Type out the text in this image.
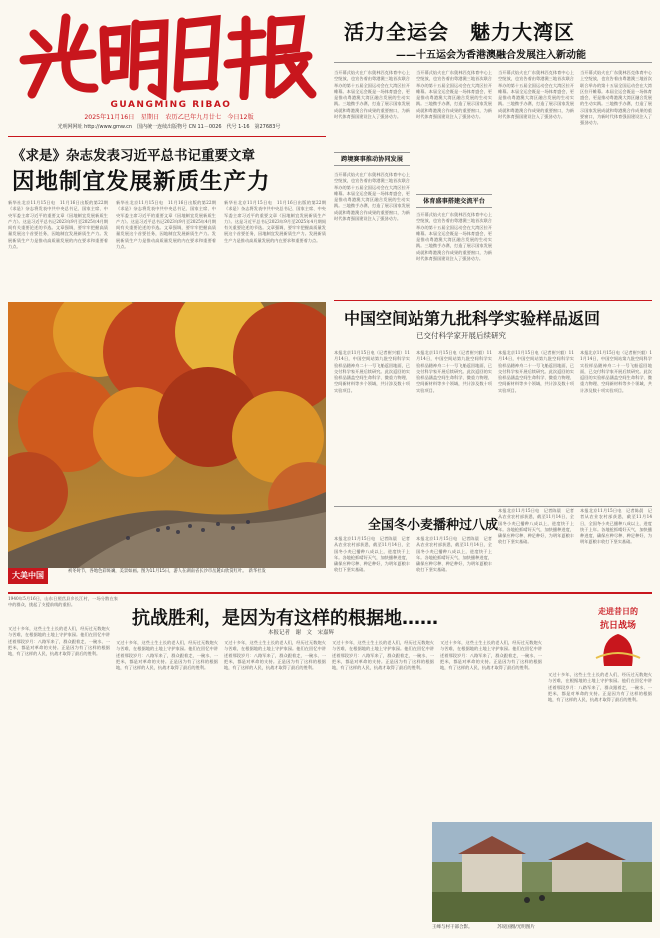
GUANGMING RIBAO
2025年11月16日　星期日　农历乙巳年九月廿七　今日12版
光明网网址 http://www.gmw.cn　国内统一连续出版物号 CN 11－0026　代号 1-16　第27683号
活力全运会　魅力大湾区
——十五运会为香港澳融合发展注入新动能
当开幕式焰火在广东奥林匹克体育中心上空绽放，也宣告着由粤港澳三地首次联合举办的第十五届全国运动会在大湾区拉开帷幕。本届全运会既是一场体育盛会，更是推动粤港澳大湾区融合发展的生动实践。三地携手办赛，打造了展示国家发展成就和粤港澳合作成果的重要窗口，为新时代体育强国建设注入了强劲动力。
跨境赛事推动协同发展
当开幕式焰火在广东奥林匹克体育中心上空绽放，也宣告着由粤港澳三地首次联合举办的第十五届全国运动会在大湾区拉开帷幕。本届全运会既是一场体育盛会，更是推动粤港澳大湾区融合发展的生动实践。三地携手办赛，打造了展示国家发展成就和粤港澳合作成果的重要窗口，为新时代体育强国建设注入了强劲动力。
当开幕式焰火在广东奥林匹克体育中心上空绽放，也宣告着由粤港澳三地首次联合举办的第十五届全国运动会在大湾区拉开帷幕。本届全运会既是一场体育盛会，更是推动粤港澳大湾区融合发展的生动实践。三地携手办赛，打造了展示国家发展成就和粤港澳合作成果的重要窗口，为新时代体育强国建设注入了强劲动力。
体育盛事搭建交流平台
当开幕式焰火在广东奥林匹克体育中心上空绽放，也宣告着由粤港澳三地首次联合举办的第十五届全国运动会在大湾区拉开帷幕。本届全运会既是一场体育盛会，更是推动粤港澳大湾区融合发展的生动实践。三地携手办赛，打造了展示国家发展成就和粤港澳合作成果的重要窗口，为新时代体育强国建设注入了强劲动力。
当开幕式焰火在广东奥林匹克体育中心上空绽放，也宣告着由粤港澳三地首次联合举办的第十五届全国运动会在大湾区拉开帷幕。本届全运会既是一场体育盛会，更是推动粤港澳大湾区融合发展的生动实践。三地携手办赛，打造了展示国家发展成就和粤港澳合作成果的重要窗口，为新时代体育强国建设注入了强劲动力。
当开幕式焰火在广东奥林匹克体育中心上空绽放，也宣告着由粤港澳三地首次联合举办的第十五届全国运动会在大湾区拉开帷幕。本届全运会既是一场体育盛会，更是推动粤港澳大湾区融合发展的生动实践。三地携手办赛，打造了展示国家发展成就和粤港澳合作成果的重要窗口，为新时代体育强国建设注入了强劲动力。
《求是》杂志发表习近平总书记重要文章
因地制宜发展新质生产力
新华社北京11月15日电　11月16日出版的第22期《求是》杂志将发表中共中央总书记、国家主席、中央军委主席习近平的重要文章《因地制宜发展新质生产力》。这是习近平总书记2023年9月至2025年4月期间有关重要论述的节选。文章强调，要牢牢把握高质量发展这个首要任务，因地制宜发展新质生产力。发展新质生产力是推动高质量发展的内在要求和重要着力点。
新华社北京11月15日电　11月16日出版的第22期《求是》杂志将发表中共中央总书记、国家主席、中央军委主席习近平的重要文章《因地制宜发展新质生产力》。这是习近平总书记2023年9月至2025年4月期间有关重要论述的节选。文章强调，要牢牢把握高质量发展这个首要任务，因地制宜发展新质生产力。发展新质生产力是推动高质量发展的内在要求和重要着力点。
新华社北京11月15日电　11月16日出版的第22期《求是》杂志将发表中共中央总书记、国家主席、中央军委主席习近平的重要文章《因地制宜发展新质生产力》。这是习近平总书记2023年9月至2025年4月期间有关重要论述的节选。文章强调，要牢牢把握高质量发展这个首要任务，因地制宜发展新质生产力。发展新质生产力是推动高质量发展的内在要求和重要着力点。
中国空间站第九批科学实验样品返回
已交付科学家开展后续研究
本报北京11月15日电（记者崔兴毅）11月14日，中国空间站第九批空间科学实验样品随神舟二十一号飞船返回地面，已交付科学家开展后续研究。此次返回的实验样品涵盖空间生命科学、微重力物理、空间新材料等多个领域，共计涉及数十项实验项目。
本报北京11月15日电（记者崔兴毅）11月14日，中国空间站第九批空间科学实验样品随神舟二十一号飞船返回地面，已交付科学家开展后续研究。此次返回的实验样品涵盖空间生命科学、微重力物理、空间新材料等多个领域，共计涉及数十项实验项目。
本报北京11月15日电（记者崔兴毅）11月14日，中国空间站第九批空间科学实验样品随神舟二十一号飞船返回地面，已交付科学家开展后续研究。此次返回的实验样品涵盖空间生命科学、微重力物理、空间新材料等多个领域，共计涉及数十项实验项目。
本报北京11月15日电（记者崔兴毅）11月14日，中国空间站第九批空间科学实验样品随神舟二十一号飞船返回地面，已交付科学家开展后续研究。此次返回的实验样品涵盖空间生命科学、微重力物理、空间新材料等多个领域，共计涉及数十项实验项目。
大美中国	初冬时节，各地色彩斑斓，美景如画。图为11月15日，游人在湖南省长沙市岳麓山欣赏红叶。　新华社发
全国冬小麦播种过八成
本报北京11月15日电　记者陈晨　记者从农业农村部获悉，截至11月14日，全国冬小麦已播种八成以上，进度快于上年。各地抢抓晴好天气，加快播种进度，确保应种尽种、种足种好，为明年夏粮丰收打下坚实基础。
本报北京11月15日电　记者陈晨　记者从农业农村部获悉，截至11月14日，全国冬小麦已播种八成以上，进度快于上年。各地抢抓晴好天气，加快播种进度，确保应种尽种、种足种好，为明年夏粮丰收打下坚实基础。
本报北京11月15日电　记者陈晨　记者从农业农村部获悉，截至11月14日，全国冬小麦已播种八成以上，进度快于上年。各地抢抓晴好天气，加快播种进度，确保应种尽种、种足种好，为明年夏粮丰收打下坚实基础。
本报北京11月15日电　记者陈晨　记者从农业农村部获悉，截至11月14日，全国冬小麦已播种八成以上，进度快于上年。各地抢抓晴好天气，加快播种进度，确保应种尽种、种足种好，为明年夏粮丰收打下坚实基础。
1940年5月16日，山东日照莒县乡长江村，一场分散在家中的群众，挑起了支援前线的重担。
抗战胜利，是因为有这样的根据地……
本报记者　谢　文　宋嘉辉
走进昔日的
抗日战场
又过十多年，这些土生土长的老人们，经历过无数炮火与苦难，在根据地的土地上守护家园。他们在回忆中讲述着那段岁月：八路军来了，群众跟着走，一碗水、一把米，都是对革命的支持。正是因为有了这样的根据地，有了这样的人民，抗战才取得了最后的胜利。
又过十多年，这些土生土长的老人们，经历过无数炮火与苦难，在根据地的土地上守护家园。他们在回忆中讲述着那段岁月：八路军来了，群众跟着走，一碗水、一把米，都是对革命的支持。正是因为有了这样的根据地，有了这样的人民，抗战才取得了最后的胜利。
又过十多年，这些土生土长的老人们，经历过无数炮火与苦难，在根据地的土地上守护家园。他们在回忆中讲述着那段岁月：八路军来了，群众跟着走，一碗水、一把米，都是对革命的支持。正是因为有了这样的根据地，有了这样的人民，抗战才取得了最后的胜利。
又过十多年，这些土生土长的老人们，经历过无数炮火与苦难，在根据地的土地上守护家园。他们在回忆中讲述着那段岁月：八路军来了，群众跟着走，一碗水、一把米，都是对革命的支持。正是因为有了这样的根据地，有了这样的人民，抗战才取得了最后的胜利。
又过十多年，这些土生土长的老人们，经历过无数炮火与苦难，在根据地的土地上守护家园。他们在回忆中讲述着那段岁月：八路军来了，群众跟着走，一碗水、一把米，都是对革命的支持。正是因为有了这样的根据地，有了这样的人民，抗战才取得了最后的胜利。
又过十多年，这些土生土长的老人们，经历过无数炮火与苦难，在根据地的土地上守护家园。他们在回忆中讲述着那段岁月：八路军来了，群众跟着走，一碗水、一把米，都是对革命的支持。正是因为有了这样的根据地，有了这样的人民，抗战才取得了最后的胜利。
王峰与村干部合影。　　　　　　苏说国摄/光明图片
